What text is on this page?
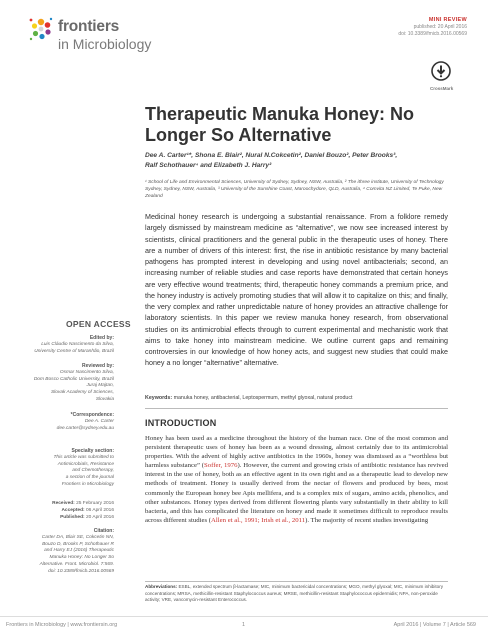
frontiers
in Microbiology
MINI REVIEW
published: 20 April 2016
doi: 10.3389/fmicb.2016.00569
CrossMark
Therapeutic Manuka Honey: No
Longer So Alternative
Dee A. Carter¹*, Shona E. Blair², Nural N.Cokcetin², Daniel Bouzo², Peter Brooks³,
Ralf Schothauer⁴ and Elizabeth J. Harry²
¹ School of Life and Environmental Sciences, University of Sydney, Sydney, NSW, Australia, ² The ithree institute, University of Technology Sydney, Sydney, NSW, Australia, ³ University of the Sunshine Coast, Maroochydore, QLD, Australia, ⁴ Comvita NZ Limited, Te Puke, New Zealand
Medicinal honey research is undergoing a substantial renaissance. From a folklore remedy largely dismissed by mainstream medicine as “alternative”, we now see increased interest by scientists, clinical practitioners and the general public in the therapeutic uses of honey. There are a number of drivers of this interest: first, the rise in antibiotic resistance by many bacterial pathogens has prompted interest in developing and using novel antibacterials; second, an increasing number of reliable studies and case reports have demonstrated that certain honeys are very effective wound treatments; third, therapeutic honey commands a premium price, and the honey industry is actively promoting studies that will allow it to capitalize on this; and finally, the very complex and rather unpredictable nature of honey provides an attractive challenge for laboratory scientists. In this paper we review manuka honey research, from observational studies on its antimicrobial effects through to current experimental and mechanistic work that aims to take honey into mainstream medicine. We outline current gaps and remaining controversies in our knowledge of how honey acts, and suggest new studies that could make honey a no longer “alternative” alternative.
Keywords: manuka honey, antibacterial, Leptospermum, methyl glyoxal, natural product
INTRODUCTION
Honey has been used as a medicine throughout the history of the human race. One of the most common and persistent therapeutic uses of honey has been as a wound dressing, almost certainly due to its antimicrobial properties. With the advent of highly active antibiotics in the 1960s, honey was dismissed as a “worthless but harmless substance” (Soffer, 1976). However, the current and growing crisis of antibiotic resistance has revived interest in the use of honey, both as an effective agent in its own right and as a therapeutic lead to develop new methods of treatment. Honey is usually derived from the nectar of flowers and produced by bees, most commonly the European honey bee Apis mellifera, and is a complex mix of sugars, amino acids, phenolics, and other substances. Honey types derived from different flowering plants vary substantially in their ability to kill bacteria, and this has complicated the literature on honey and made it sometimes difficult to reproduce results across different studies (Allen et al., 1991; Irish et al., 2011). The majority of recent studies investigating
Abbreviations: ESBL, extended spectrum β-lactamase; MIC, minimum bactericidal concentrations; MGO, methyl glyoxal; MIC, minimum inhibitory concentrations; MRSA, methicillin-resistant Staphylococcus aureus; MRSE, methicillin-resistant Staphylococcus epidermidis; NPA, non-peroxide activity; VRE, vancomycin-resistant Enterococcus.
OPEN ACCESS
Edited by:
Luis Cláudio Nascimento da Silva,
University Centre of Maranhão, Brazil
Reviewed by:
Osmar Nascimento Silva,
Dom Bosco Catholic University, Brazil
Juraj Majtan,
Slovak Academy of Sciences,
Slovakia
*Correspondence:
Dee A. Carter
dee.carter@sydney.edu.au
Specialty section:
This article was submitted to
Antimicrobials, Resistance
and Chemotherapy,
a section of the journal
Frontiers in Microbiology
Received: 25 February 2016
Accepted: 06 April 2016
Published: 20 April 2016
Citation:
Carter DA, Blair SE, Cokcetin NN,
Bouzo D, Brooks P, Schothauer R
and Harry EJ (2016) Therapeutic
Manuka Honey: No Longer So
Alternative. Front. Microbiol. 7:569.
doi: 10.3389/fmicb.2016.00569
Frontiers in Microbiology | www.frontiersin.org	1	April 2016 | Volume 7 | Article 569
